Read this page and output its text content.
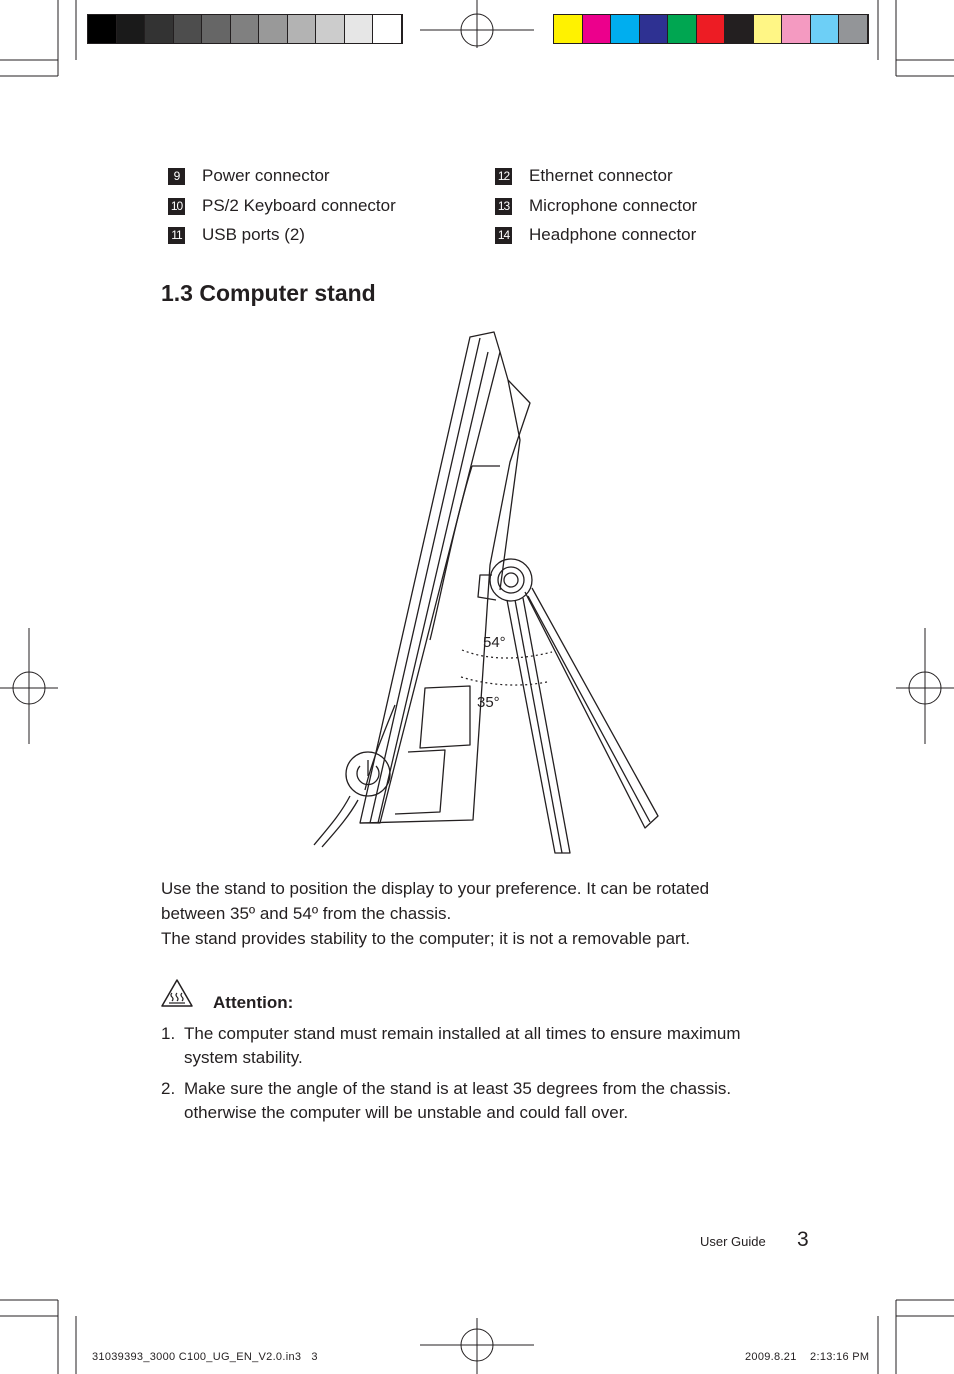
9	Power connector
10 PS/2 Keyboard connector
11 USB ports (2)
12 Ethernet connector
13 Microphone connector
14 Headphone connector
1.3 Computer stand
54°
35°

Use the stand to position the display to your preference. It can be rotated

between 35º and 54º from the chassis.

The stand provides stability to the computer; it is not a removable part.

Attention:
1. The computer stand must remain installed at all times to ensure maximum
system stability.
2. Make sure the angle of the stand is at least 35 degrees from the chassis.
otherwise the computer will be unstable and could fall over.
User Guide 3
31039393_3000 C100_UG_EN_V2.0.in3   3	2009.8.21    2:13:16 PM
